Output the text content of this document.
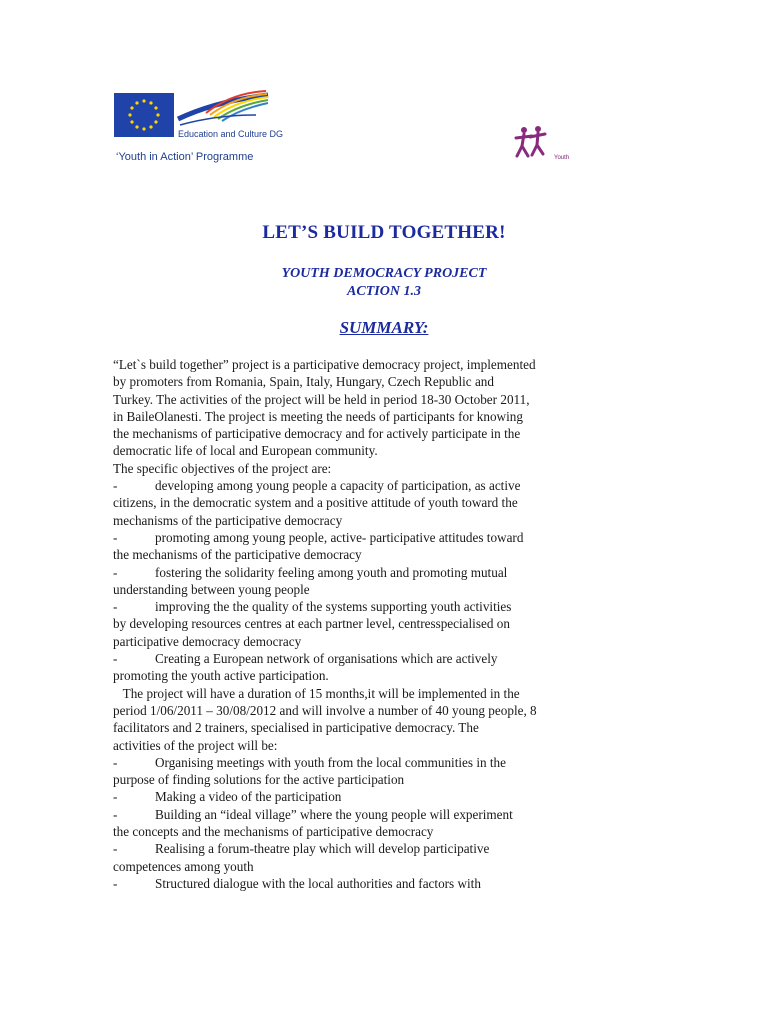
Education and Culture DG
‘Youth in Action’ Programme	Youth
LET’S BUILD TOGETHER!
YOUTH DEMOCRACY PROJECT
ACTION 1.3
SUMMARY:
“Let`s build together” project is a participative democracy project, implemented
by promoters from Romania, Spain, Italy, Hungary, Czech Republic and
Turkey. The activities of the project will be held in period 18-30 October 2011,
in BaileOlanesti. The project is meeting the needs of participants for knowing
the mechanisms of participative democracy and for actively participate in the
democratic life of local and European community.
The specific objectives of the project are:
-	developing among young people a capacity of participation, as active
citizens, in the democratic system and a positive attitude of youth toward the
mechanisms of the participative democracy
-	promoting among young people, active- participative attitudes toward
the mechanisms of the participative democracy
-	fostering the solidarity feeling among youth and promoting mutual
understanding between young people
-	improving the the quality of the systems supporting youth activities
by developing resources centres at each partner level, centresspecialised on
participative democracy democracy
-	Creating a European network of organisations which are actively
promoting the youth active participation.
The project will have a duration of 15 months,it will be implemented in the
period 1/06/2011 – 30/08/2012 and will involve a number of 40 young people, 8
facilitators and 2 trainers, specialised in participative democracy. The
activities of the project will be:
-	Organising meetings with youth from the local communities in the
purpose of finding solutions for the active participation
-	Making a video of the participation
-	Building an “ideal village” where the young people will experiment
the concepts and the mechanisms of participative democracy
-	Realising a forum-theatre play which will develop participative
competences among youth
-	Structured dialogue with the local authorities and factors with
